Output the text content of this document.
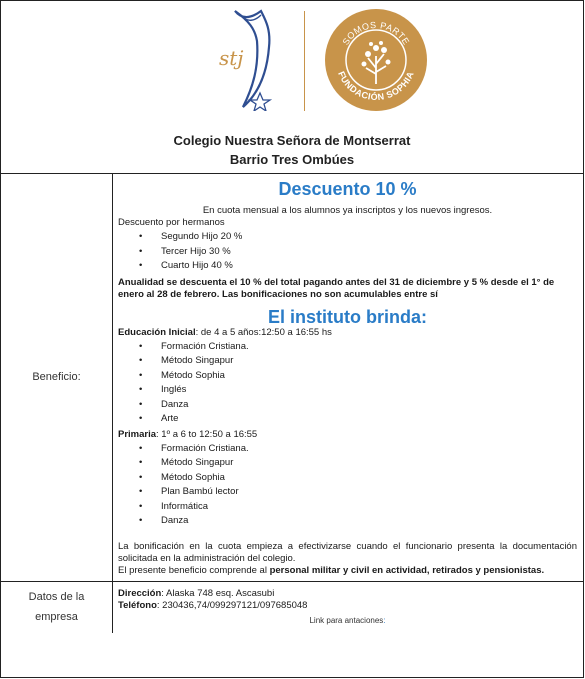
stj
SOMOS PARTE
FUNDACIÓN SOPHIA
Colegio Nuestra Señora de Montserrat
Barrio Tres Ombúes
Beneficio:
Descuento 10 %

En cuota mensual a los alumnos ya inscriptos y los nuevos ingresos.

Descuento por hermanos

• Segundo Hijo 20 %
• Tercer Hijo 30 %
• Cuarto Hijo 40 %

Anualidad se descuenta el 10 % del total pagando antes del 31 de diciembre y 5 % desde el 1° de enero al 28 de febrero. Las bonificaciones no son acumulables entre sí

El instituto brinda:

Educación Inicial: de 4 a 5 años:12:50 a 16:55 hs

• Formación Cristiana.
• Método Singapur
• Método Sophia
• Inglés
• Danza
• Arte

Primaria: 1º a 6 to 12:50 a 16:55

• Formación Cristiana.
• Método Singapur
• Método Sophia
• Plan Bambú lector
• Informática
• Danza

La bonificación en la cuota empieza a efectivizarse cuando el funcionario presenta la documentación solicitada en la administración del colegio.

El presente beneficio comprende al personal militar y civil en actividad, retirados y pensionistas.

Datos de la
empresa

Dirección: Alaska 748 esq. Ascasubi

Teléfono: 230436,74/099297121/097685048

Link para antaciones:
